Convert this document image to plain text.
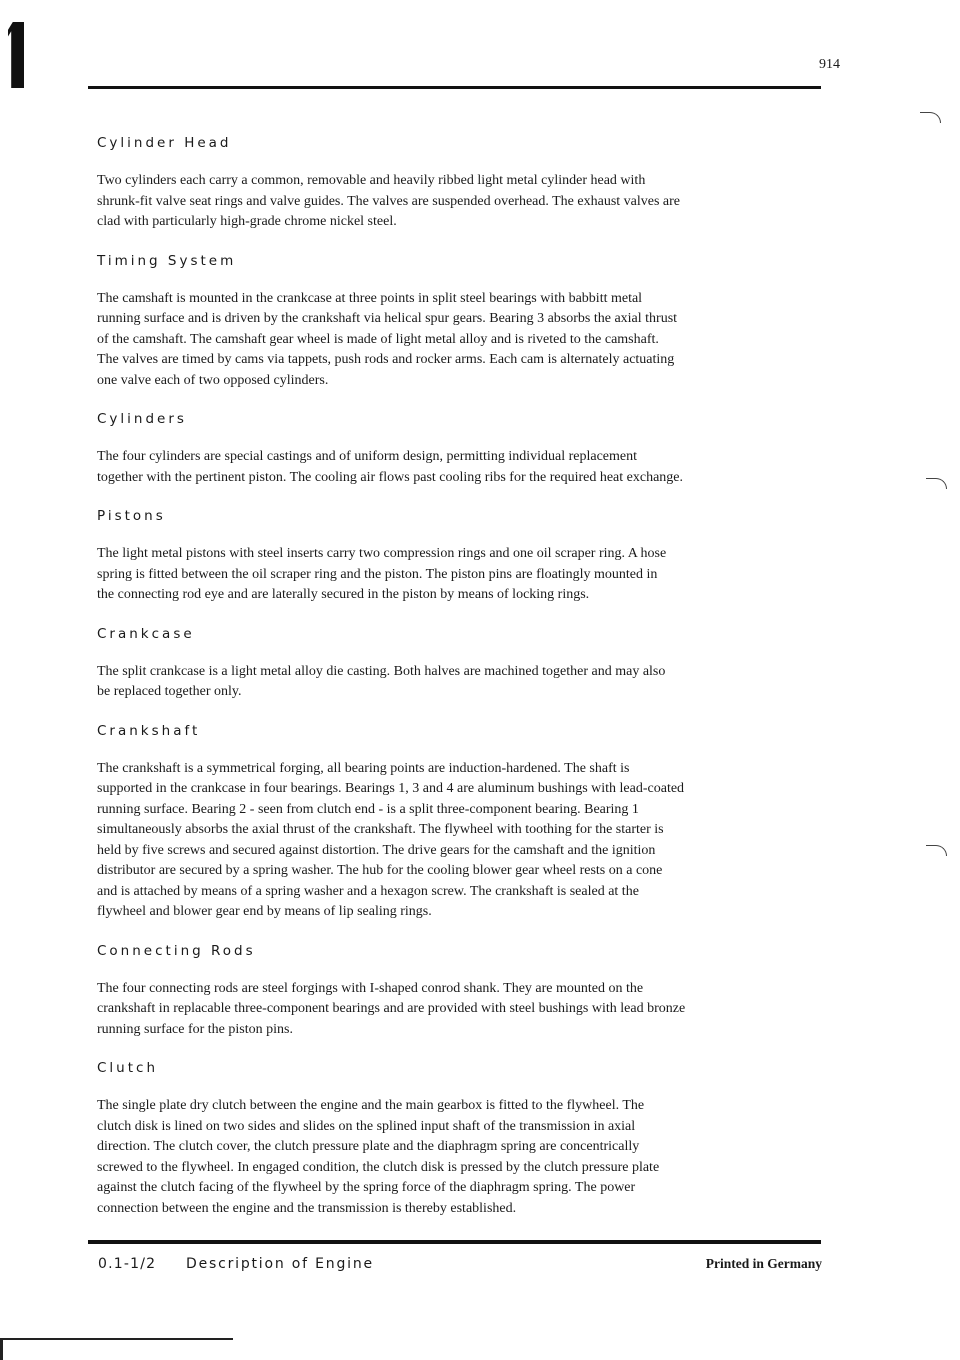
914
Cylinder Head
Two cylinders each carry a common, removable and heavily ribbed light metal cylinder head with
shrunk-fit valve seat rings and valve guides. The valves are suspended overhead. The exhaust valves are
clad with particularly high-grade chrome nickel steel.
Timing System
The camshaft is mounted in the crankcase at three points in split steel bearings with babbitt metal
running surface and is driven by the crankshaft via helical spur gears. Bearing 3 absorbs the axial thrust
of the camshaft. The camshaft gear wheel is made of light metal alloy and is riveted to the camshaft.
The valves are timed by cams via tappets, push rods and rocker arms. Each cam is alternately actuating
one valve each of two opposed cylinders.
Cylinders
The four cylinders are special castings and of uniform design, permitting individual replacement
together with the pertinent piston. The cooling air flows past cooling ribs for the required heat exchange.
Pistons
The light metal pistons with steel inserts carry two compression rings and one oil scraper ring. A hose
spring is fitted between the oil scraper ring and the piston. The piston pins are floatingly mounted in
the connecting rod eye and are laterally secured in the piston by means of locking rings.
Crankcase
The split crankcase is a light metal alloy die casting. Both halves are machined together and may also
be replaced together only.
Crankshaft
The crankshaft is a symmetrical forging, all bearing points are induction-hardened. The shaft is
supported in the crankcase in four bearings. Bearings 1, 3 and 4 are aluminum bushings with lead-coated
running surface. Bearing 2 - seen from clutch end - is a split three-component bearing. Bearing 1
simultaneously absorbs the axial thrust of the crankshaft. The flywheel with toothing for the starter is
held by five screws and secured against distortion. The drive gears for the camshaft and the ignition
distributor are secured by a spring washer. The hub for the cooling blower gear wheel rests on a cone
and is attached by means of a spring washer and a hexagon screw. The crankshaft is sealed at the
flywheel and blower gear end by means of lip sealing rings.
Connecting Rods
The four connecting rods are steel forgings with I-shaped conrod shank. They are mounted on the
crankshaft in replacable three-component bearings and are provided with steel bushings with lead bronze
running surface for the piston pins.
Clutch
The single plate dry clutch between the engine and the main gearbox is fitted to the flywheel. The
clutch disk is lined on two sides and slides on the splined input shaft of the transmission in axial
direction. The clutch cover, the clutch pressure plate and the diaphragm spring are concentrically
screwed to the flywheel. In engaged condition, the clutch disk is pressed by the clutch pressure plate
against the clutch facing of the flywheel by the spring force of the diaphragm spring. The power
connection between the engine and the transmission is thereby established.
0.1-1/2 Description of Engine	Printed in Germany
